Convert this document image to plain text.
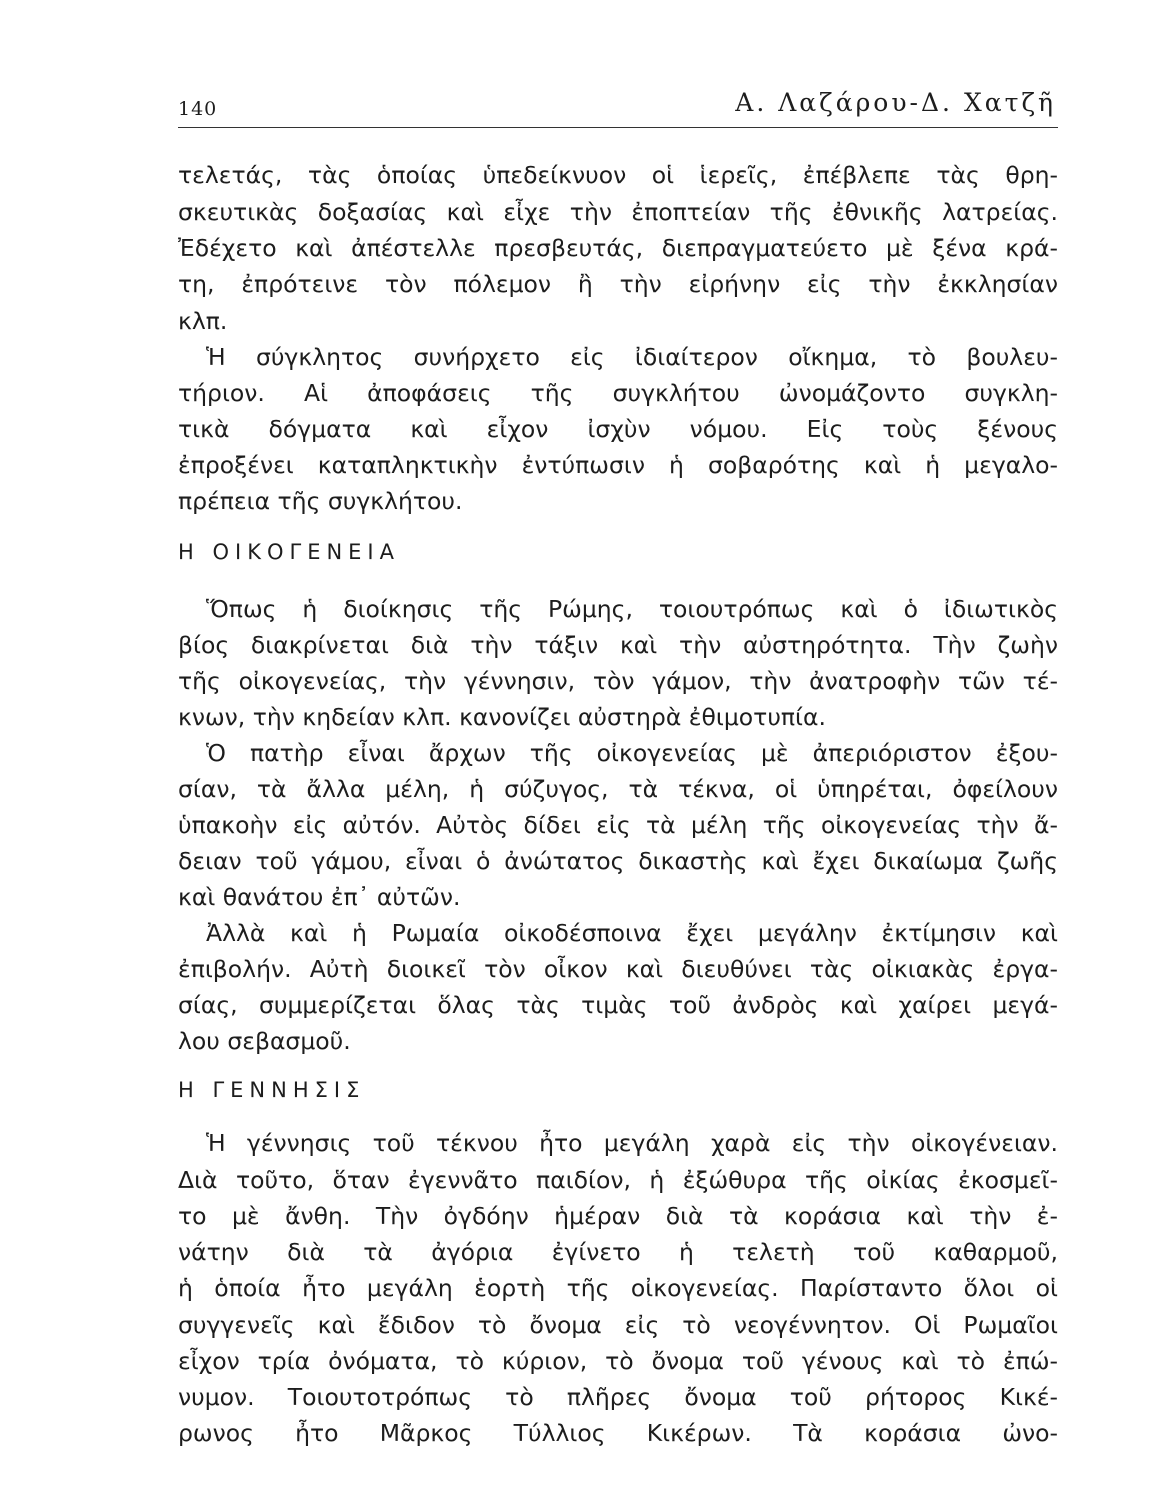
140	Α. Λαζάρου-Δ. Χατζῆ
τελετάς, τὰς ὁποίας ὑπεδείκνυον οἱ ἱερεῖς, ἐπέβλεπε τὰς θρη-
σκευτικὰς δοξασίας καὶ εἶχε τὴν ἐποπτείαν τῆς ἐθνικῆς λατρείας.
Ἐδέχετο καὶ ἀπέστελλε πρεσβευτάς, διεπραγματεύετο μὲ ξένα κρά-
τη, ἐπρότεινε τὸν πόλεμον ἢ τὴν εἰρήνην εἰς τὴν ἐκκλησίαν
κλπ.
Ἡ σύγκλητος συνήρχετο εἰς ἰδιαίτερον οἴκημα, τὸ βουλευ-
τήριον. Αἱ ἀποφάσεις τῆς συγκλήτου ὠνομάζοντο συγκλη-
τικὰ δόγματα καὶ εἶχον ἰσχὺν νόμου. Εἰς τοὺς ξένους
ἐπροξένει καταπληκτικὴν ἐντύπωσιν ἡ σοβαρότης καὶ ἡ μεγαλο-
πρέπεια τῆς συγκλήτου.
Η ΟΙΚΟΓΕΝΕΙΑ
Ὅπως ἡ διοίκησις τῆς Ρώμης, τοιουτρόπως καὶ ὁ ἰδιωτικὸς
βίος διακρίνεται διὰ τὴν τάξιν καὶ τὴν αὐστηρότητα. Τὴν ζωὴν
τῆς οἰκογενείας, τὴν γέννησιν, τὸν γάμον, τὴν ἀνατροφὴν τῶν τέ-
κνων, τὴν κηδείαν κλπ. κανονίζει αὐστηρὰ ἐθιμοτυπία.
Ὁ πατὴρ εἶναι ἄρχων τῆς οἰκογενείας μὲ ἀπεριόριστον ἐξου-
σίαν, τὰ ἄλλα μέλη, ἡ σύζυγος, τὰ τέκνα, οἱ ὑπηρέται, ὀφείλουν
ὑπακοὴν εἰς αὐτόν. Αὐτὸς δίδει εἰς τὰ μέλη τῆς οἰκογενείας τὴν ἄ-
δειαν τοῦ γάμου, εἶναι ὁ ἀνώτατος δικαστὴς καὶ ἔχει δικαίωμα ζωῆς
καὶ θανάτου ἐπ᾽ αὐτῶν.
Ἀλλὰ καὶ ἡ Ρωμαία οἰκοδέσποινα ἔχει μεγάλην ἐκτίμησιν καὶ
ἐπιβολήν. Αὐτὴ διοικεῖ τὸν οἶκον καὶ διευθύνει τὰς οἰκιακὰς ἐργα-
σίας, συμμερίζεται ὅλας τὰς τιμὰς τοῦ ἀνδρὸς καὶ χαίρει μεγά-
λου σεβασμοῦ.
Η ΓΕΝΝΗΣΙΣ
Ἡ γέννησις τοῦ τέκνου ἦτο μεγάλη χαρὰ εἰς τὴν οἰκογένειαν.
Διὰ τοῦτο, ὅταν ἐγεννᾶτο παιδίον, ἡ ἐξώθυρα τῆς οἰκίας ἐκοσμεῖ-
το μὲ ἄνθη. Τὴν ὀγδόην ἡμέραν διὰ τὰ κοράσια καὶ τὴν ἐ-
νάτην διὰ τὰ ἀγόρια ἐγίνετο ἡ τελετὴ τοῦ καθαρμοῦ,
ἡ ὁποία ἦτο μεγάλη ἑορτὴ τῆς οἰκογενείας. Παρίσταντο ὅλοι οἱ
συγγενεῖς καὶ ἔδιδον τὸ ὄνομα εἰς τὸ νεογέννητον. Οἱ Ρωμαῖοι
εἶχον τρία ὀνόματα, τὸ κύριον, τὸ ὄνομα τοῦ γένους καὶ τὸ ἐπώ-
νυμον. Τοιουτοτρόπως τὸ πλῆρες ὄνομα τοῦ ρήτορος Κικέ-
ρωνος ἦτο Μᾶρκος Τύλλιος Κικέρων. Τὰ κοράσια ὠνο-
